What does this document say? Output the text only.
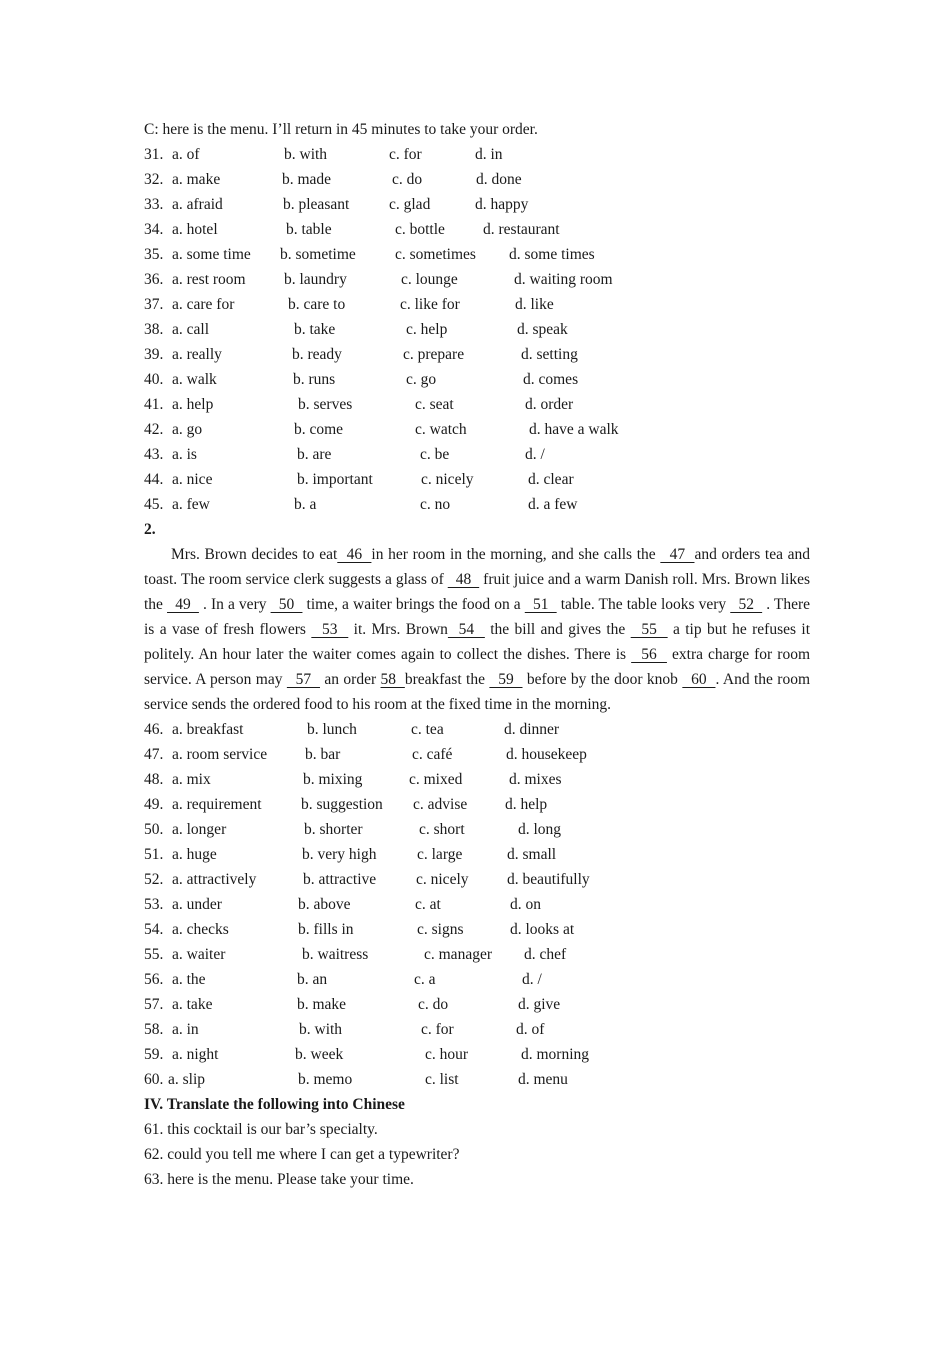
C: here is the menu. I’ll return in 45 minutes to take your order.
31. a. of	b. with	c. for	d. in
32. a. make	b. made	c. do	d. done
33. a. afraid	b. pleasant	c. glad	d. happy
34. a. hotel	b. table	c. bottle d. restaurant
35. a. some time b. sometime	c. sometimes d. some times
36. a. rest room b. laundry	c. lounge	d. waiting room
37. a. care for	b. care to	c. like for	d. like
38. a. call	b. take	c. help	d. speak
39. a. really	b. ready	c. prepare	d. setting
40. a. walk	b. runs	c. go	d. comes
41. a. help	b. serves	c. seat	d. order
42. a. go	b. come	c. watch	d. have a walk
43. a. is	b. are	c. be	d. /
44. a. nice	b. important	c. nicely	d. clear
45. a. few	b. a	c. no	d. a few
2.

Mrs. Brown decides to eat  46  in her room in the morning, and she calls the   47  and orders tea and toast. The room service clerk suggests a glass of   48   fruit juice and a warm Danish roll. Mrs. Brown likes the   49   . In a very   50   time, a waiter brings the food on a   51   table. The table looks very   52   . There is a vase of fresh flowers   53   it. Mrs. Brown  54   the bill and gives the   55   a tip but he refuses it politely. An hour later the waiter comes again to collect the dishes. There is   56   extra charge for room service. A person may   57   an order 58  breakfast the   59   before by the door knob   60  . And the room service sends the ordered food to his room at the fixed time in the morning.

46. a. breakfast	b. lunch	c. tea	d. dinner
47. a. room service b. bar	c. café	d. housekeep
48. a. mix	b. mixing	c. mixed	d. mixes
49. a. requirement	b. suggestion c. advise d. help
50. a. longer	b. shorter	c. short	d. long
51. a. huge	b. very high	c. large	d. small
52. a. attractively	b. attractive	c. nicely d. beautifully
53. a. under	b. above	c. at	d. on
54. a. checks	b. fills in	c. signs	d. looks at
55. a. waiter	b. waitress	c. manager d. chef
56. a. the	b. an	c. a	d. /
57. a. take	b. make	c. do	d. give
58. a. in	b. with	c. for	d. of
59. a. night	b. week	c. hour	d. morning
60. a. slip	b. memo	c. list	d. menu
IV. Translate the following into Chinese
61. this cocktail is our bar’s specialty.
62. could you tell me where I can get a typewriter?
63. here is the menu. Please take your time.
